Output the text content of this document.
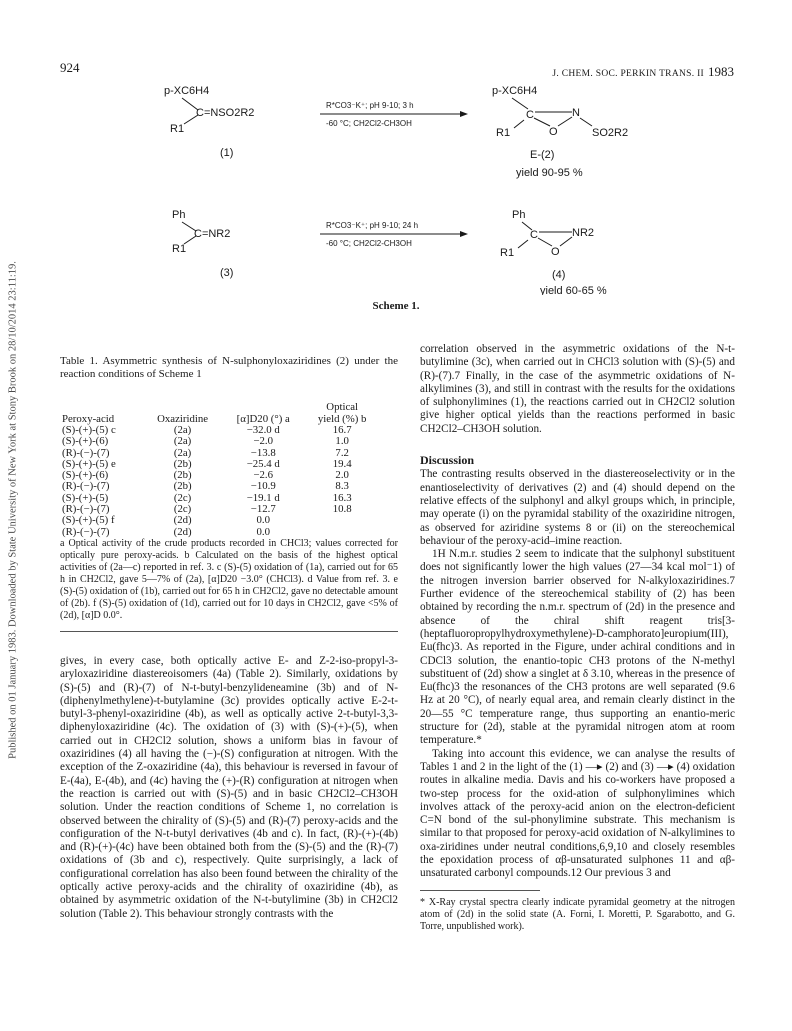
924	J. CHEM. SOC. PERKIN TRANS. II 1983
Published on 01 January 1983. Downloaded by State University of New York at Stony Brook on 28/10/2014 23:11:19.
p-XC6H4
C=NSO2R2
R1
(1)
R*CO3⁻K⁺; pH 9-10; 3 h
-60 °C; CH2Cl2-CH3OH
p-XC6H4
C	N
O
R1	SO2R2
E-(2)
yield 90-95 %
Ph
C=NR2
R1
(3)
R*CO3⁻K⁺; pH 9-10; 24 h
-60 °C; CH2Cl2-CH3OH
Ph
C	NR2
O
R1
(4)
yield 60-65 %
Scheme 1.

Table 1. Asymmetric synthesis of N-sulphonyloxaziridines (2) under the reaction conditions of Scheme 1

Peroxy-acid	Oxaziridine	[α]D20 (°) a	Optical
yield (%) b
(S)-(+)-(5) c	(2a)	−32.0 d	16.7
(S)-(+)-(6)	(2a)	−2.0	1.0
(R)-(−)-(7)	(2a)	−13.8	7.2
(S)-(+)-(5) e	(2b)	−25.4 d	19.4
(S)-(+)-(6)	(2b)	−2.6	2.0
(R)-(−)-(7)	(2b)	−10.9	8.3
(S)-(+)-(5)	(2c)	−19.1 d	16.3
(R)-(−)-(7)	(2c)	−12.7	10.8
(S)-(+)-(5) f	(2d)	0.0	
(R)-(−)-(7)	(2d)	0.0	

a Optical activity of the crude products recorded in CHCl3; values corrected for optically pure peroxy-acids. b Calculated on the basis of the highest optical activities of (2a—c) reported in ref. 3. c (S)-(5) oxidation of (1a), carried out for 65 h in CH2Cl2, gave 5—7% of (2a), [α]D20 −3.0° (CHCl3). d Value from ref. 3. e (S)-(5) oxidation of (1b), carried out for 65 h in CH2Cl2, gave no detectable amount of (2b). f (S)-(5) oxidation of (1d), carried out for 10 days in CH2Cl2, gave <5% of (2d), [α]D 0.0°.

gives, in every case, both optically active E- and Z-2-iso-propyl-3-aryloxaziridine diastereoisomers (4a) (Table 2). Similarly, oxidations by (S)-(5) and (R)-(7) of N-t-butyl-benzylideneamine (3b) and of N-(diphenylmethylene)-t-butylamine (3c) provides optically active E-2-t-butyl-3-phenyl-oxaziridine (4b), as well as optically active 2-t-butyl-3,3-diphenyloxaziridine (4c). The oxidation of (3) with (S)-(+)-(5), when carried out in CH2Cl2 solution, shows a uniform bias in favour of oxaziridines (4) all having the (−)-(S) configuration at nitrogen. With the exception of the Z-oxaziridine (4a), this behaviour is reversed in favour of E-(4a), E-(4b), and (4c) having the (+)-(R) configuration at nitrogen when the reaction is carried out with (S)-(5) and in basic CH2Cl2–CH3OH solution. Under the reaction conditions of Scheme 1, no correlation is observed between the chirality of (S)-(5) and (R)-(7) peroxy-acids and the configuration of the N-t-butyl derivatives (4b and c). In fact, (R)-(+)-(4b) and (R)-(+)-(4c) have been obtained both from the (S)-(5) and the (R)-(7) oxidations of (3b and c), respectively. Quite surprisingly, a lack of configurational correlation has also been found between the chirality of the optically active peroxy-acids and the chirality of oxaziridine (4b), as obtained by asymmetric oxidation of the N-t-butylimine (3b) in CH2Cl2 solution (Table 2). This behaviour strongly contrasts with the

correlation observed in the asymmetric oxidations of the N-t-butylimine (3c), when carried out in CHCl3 solution with (S)-(5) and (R)-(7).7 Finally, in the case of the asymmetric oxidations of N-alkylimines (3), and still in contrast with the results for the oxidations of sulphonylimines (1), the reactions carried out in CH2Cl2 solution give higher optical yields than the reactions performed in basic CH2Cl2–CH3OH solution.

Discussion

The contrasting results observed in the diastereoselectivity or in the enantioselectivity of derivatives (2) and (4) should depend on the relative effects of the sulphonyl and alkyl groups which, in principle, may operate (i) on the pyramidal stability of the oxaziridine nitrogen, as observed for aziridine systems 8 or (ii) on the stereochemical behaviour of the peroxy-acid–imine reaction.

1H N.m.r. studies 2 seem to indicate that the sulphonyl substituent does not significantly lower the high values (27—34 kcal mol⁻1) of the nitrogen inversion barrier observed for N-alkyloxaziridines.7 Further evidence of the stereochemical stability of (2) has been obtained by recording the n.m.r. spectrum of (2d) in the presence and absence of the chiral shift reagent tris[3-(heptafluoropropylhydroxymethylene)-D-camphorato]europium(III), Eu(fhc)3. As reported in the Figure, under achiral conditions and in CDCl3 solution, the enantio-topic CH3 protons of the N-methyl substituent of (2d) show a singlet at δ 3.10, whereas in the presence of Eu(fhc)3 the resonances of the CH3 protons are well separated (9.6 Hz at 20 °C), of nearly equal area, and remain clearly distinct in the 20—55 °C temperature range, thus supporting an enantio-meric structure for (2d), stable at the pyramidal nitrogen atom at room temperature.*

Taking into account this evidence, we can analyse the results of Tables 1 and 2 in the light of the (1) —▸ (2) and (3) —▸ (4) oxidation routes in alkaline media. Davis and his co-workers have proposed a two-step process for the oxid-ation of sulphonylimines which involves attack of the peroxy-acid anion on the electron-deficient C=N bond of the sul-phonylimine substrate. This mechanism is similar to that proposed for peroxy-acid oxidation of N-alkylimines to oxa-ziridines under neutral conditions,6,9,10 and closely resembles the epoxidation process of αβ-unsaturated sulphones 11 and αβ-unsaturated carbonyl compounds.12 Our previous 3 and

* X-Ray crystal spectra clearly indicate pyramidal geometry at the nitrogen atom of (2d) in the solid state (A. Forni, I. Moretti, P. Sgarabotto, and G. Torre, unpublished work).
